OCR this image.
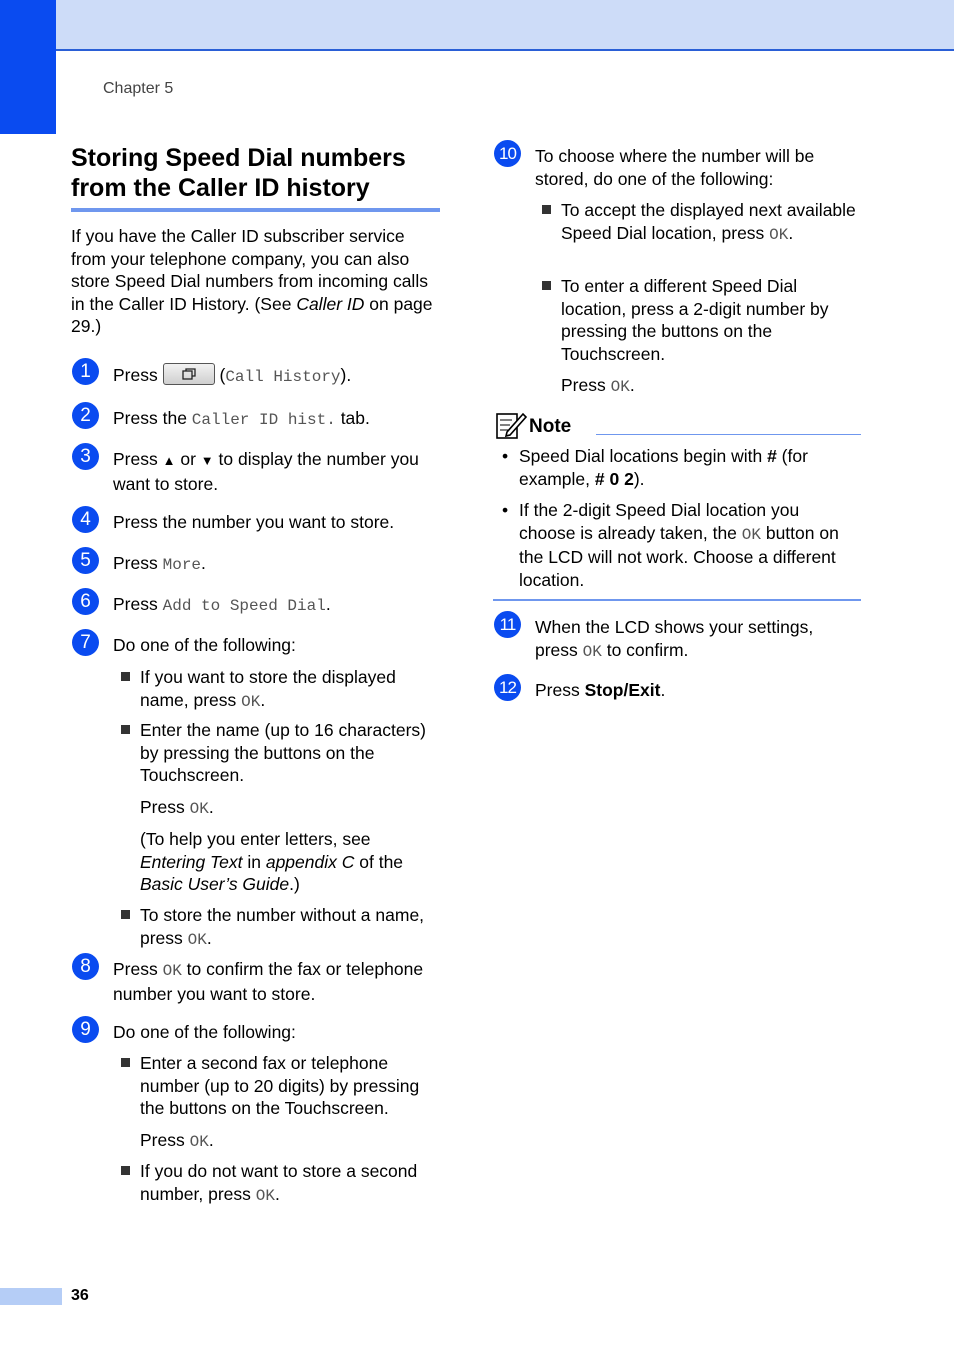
Chapter 5
Storing Speed Dial numbers from the Caller ID history

If you have the Caller ID subscriber service from your telephone company, you can also store Speed Dial numbers from incoming calls in the Caller ID History. (See Caller ID on page 29.)

1	Press	(Call History).

2	Press the Caller ID hist. tab.

3	Press ▲ or ▼ to display the number you want to store.

4	Press the number you want to store.

5	Press More.

6	Press Add to Speed Dial.

7	Do one of the following:

If you want to store the displayed name, press OK.

Enter the name (up to 16 characters) by pressing the buttons on the Touchscreen.

Press OK.

(To help you enter letters, see Entering Text in appendix C of the
Basic User’s Guide.)

To store the number without a name, press OK.

8	Press OK to confirm the fax or telephone number you want to store.

9	Do one of the following:

Enter a second fax or telephone number (up to 20 digits) by pressing the buttons on the Touchscreen.

Press OK.

If you do not want to store a second number, press OK.

10 To choose where the number will be stored, do one of the following:

To accept the displayed next available Speed Dial location, press OK.

To enter a different Speed Dial location, press a 2-digit number by pressing the buttons on the Touchscreen.

Press OK.

Note

• Speed Dial locations begin with # (for example, # 0 2).

• If the 2-digit Speed Dial location you choose is already taken, the OK button on the LCD will not work. Choose a different location.

11	When the LCD shows your settings, press OK to confirm.

12 Press Stop/Exit.

36
